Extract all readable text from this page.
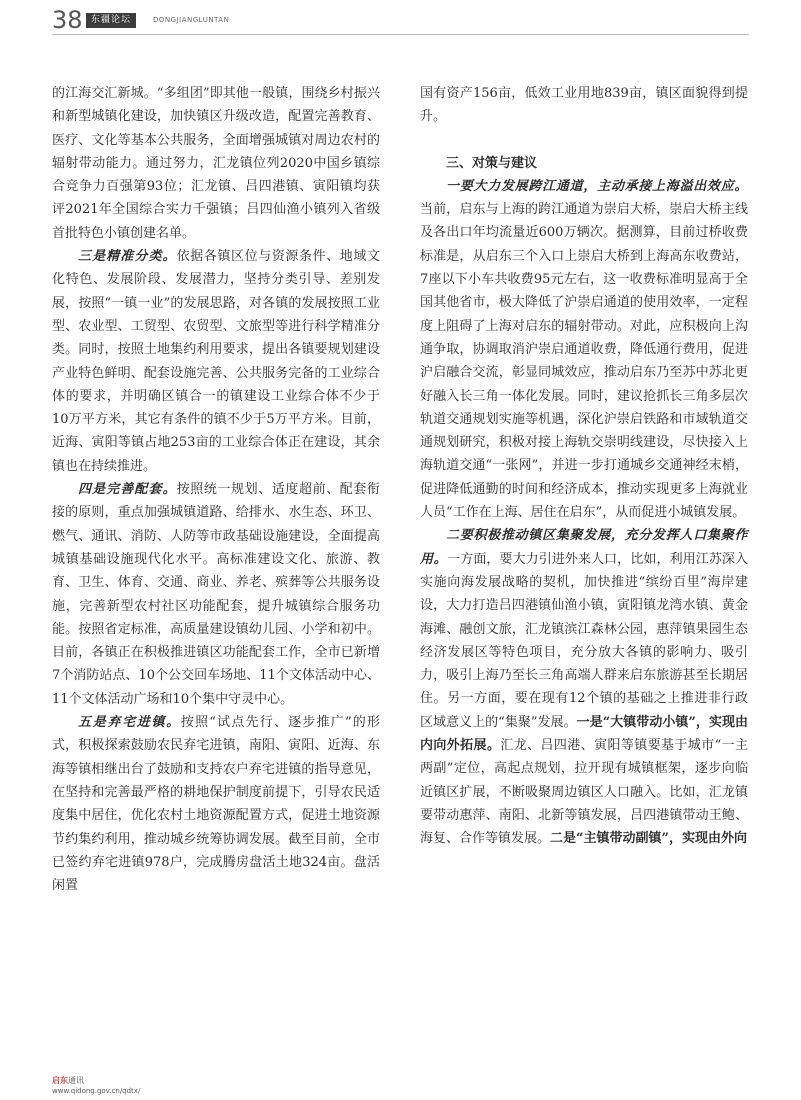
38 东疆论坛	DONGJIANGLUNTAN

的江海交汇新城。“多组团”即其他一般镇，围绕乡村振兴和新型城镇化建设，加快镇区升级改造，配置完善教育、医疗、文化等基本公共服务，全面增强城镇对周边农村的辐射带动能力。通过努力，汇龙镇位列2020中国乡镇综合竞争力百强第93位；汇龙镇、吕四港镇、寅阳镇均获评2021年全国综合实力千强镇；吕四仙渔小镇列入省级首批特色小镇创建名单。

三是精准分类。依据各镇区位与资源条件、地域文化特色、发展阶段、发展潜力，坚持分类引导、差别发展，按照“一镇一业”的发展思路，对各镇的发展按照工业型、农业型、工贸型、农贸型、文旅型等进行科学精准分类。同时，按照土地集约利用要求，提出各镇要规划建设产业特色鲜明、配套设施完善、公共服务完备的工业综合体的要求，并明确区镇合一的镇建设工业综合体不少于10万平方米，其它有条件的镇不少于5万平方米。目前，近海、寅阳等镇占地253亩的工业综合体正在建设，其余镇也在持续推进。

四是完善配套。按照统一规划、适度超前、配套衔接的原则，重点加强城镇道路、给排水、水生态、环卫、燃气、通讯、消防、人防等市政基础设施建设，全面提高城镇基础设施现代化水平。高标准建设文化、旅游、教育、卫生、体育、交通、商业、养老、殡葬等公共服务设施，完善新型农村社区功能配套，提升城镇综合服务功能。按照省定标准，高质量建设镇幼儿园、小学和初中。目前，各镇正在积极推进镇区功能配套工作，全市已新增7个消防站点、10个公交回车场地、11个文体活动中心、11个文体活动广场和10个集中守灵中心。

五是弃宅进镇。按照“试点先行、逐步推广”的形式，积极探索鼓励农民弃宅进镇，南阳、寅阳、近海、东海等镇相继出台了鼓励和支持农户弃宅进镇的指导意见，在坚持和完善最严格的耕地保护制度前提下，引导农民适度集中居住，优化农村土地资源配置方式，促进土地资源节约集约利用，推动城乡统筹协调发展。截至目前，全市已签约弃宅进镇978户，完成腾房盘活土地324亩。盘活闲置

国有资产156亩，低效工业用地839亩，镇区面貌得到提升。

三、对策与建议

一要大力发展跨江通道，主动承接上海溢出效应。当前，启东与上海的跨江通道为崇启大桥，崇启大桥主线及各出口年均流量近600万辆次。据测算，目前过桥收费标准是，从启东三个入口上崇启大桥到上海高东收费站，7座以下小车共收费95元左右，这一收费标准明显高于全国其他省市，极大降低了沪崇启通道的使用效率，一定程度上阻碍了上海对启东的辐射带动。对此，应积极向上沟通争取，协调取消沪崇启通道收费，降低通行费用，促进沪启融合交流，彰显同城效应，推动启东乃至苏中苏北更好融入长三角一体化发展。同时，建议抢抓长三角多层次轨道交通规划实施等机遇，深化沪崇启铁路和市域轨道交通规划研究，积极对接上海轨交崇明线建设，尽快接入上海轨道交通“一张网”，并进一步打通城乡交通神经末梢，促进降低通勤的时间和经济成本，推动实现更多上海就业人员“工作在上海、居住在启东”，从而促进小城镇发展。

二要积极推动镇区集聚发展，充分发挥人口集聚作用。一方面，要大力引进外来人口，比如，利用江苏深入实施向海发展战略的契机，加快推进“缤纷百里”海岸建设，大力打造吕四港镇仙渔小镇，寅阳镇龙湾水镇、黄金海滩、融创文旅，汇龙镇滨江森林公园，惠萍镇果园生态经济发展区等特色项目，充分放大各镇的影响力、吸引力，吸引上海乃至长三角高端人群来启东旅游甚至长期居住。另一方面，要在现有12个镇的基础之上推进非行政区域意义上的“集聚”发展。一是“大镇带动小镇”，实现由内向外拓展。汇龙、吕四港、寅阳等镇要基于城市“一主两副”定位，高起点规划，拉开现有城镇框架，逐步向临近镇区扩展，不断吸聚周边镇区人口融入。比如，汇龙镇要带动惠萍、南阳、北新等镇发展，吕四港镇带动王鲍、海复、合作等镇发展。二是“主镇带动副镇”，实现由外向

启东通讯
www.qidong.gov.cn/qdtx/
